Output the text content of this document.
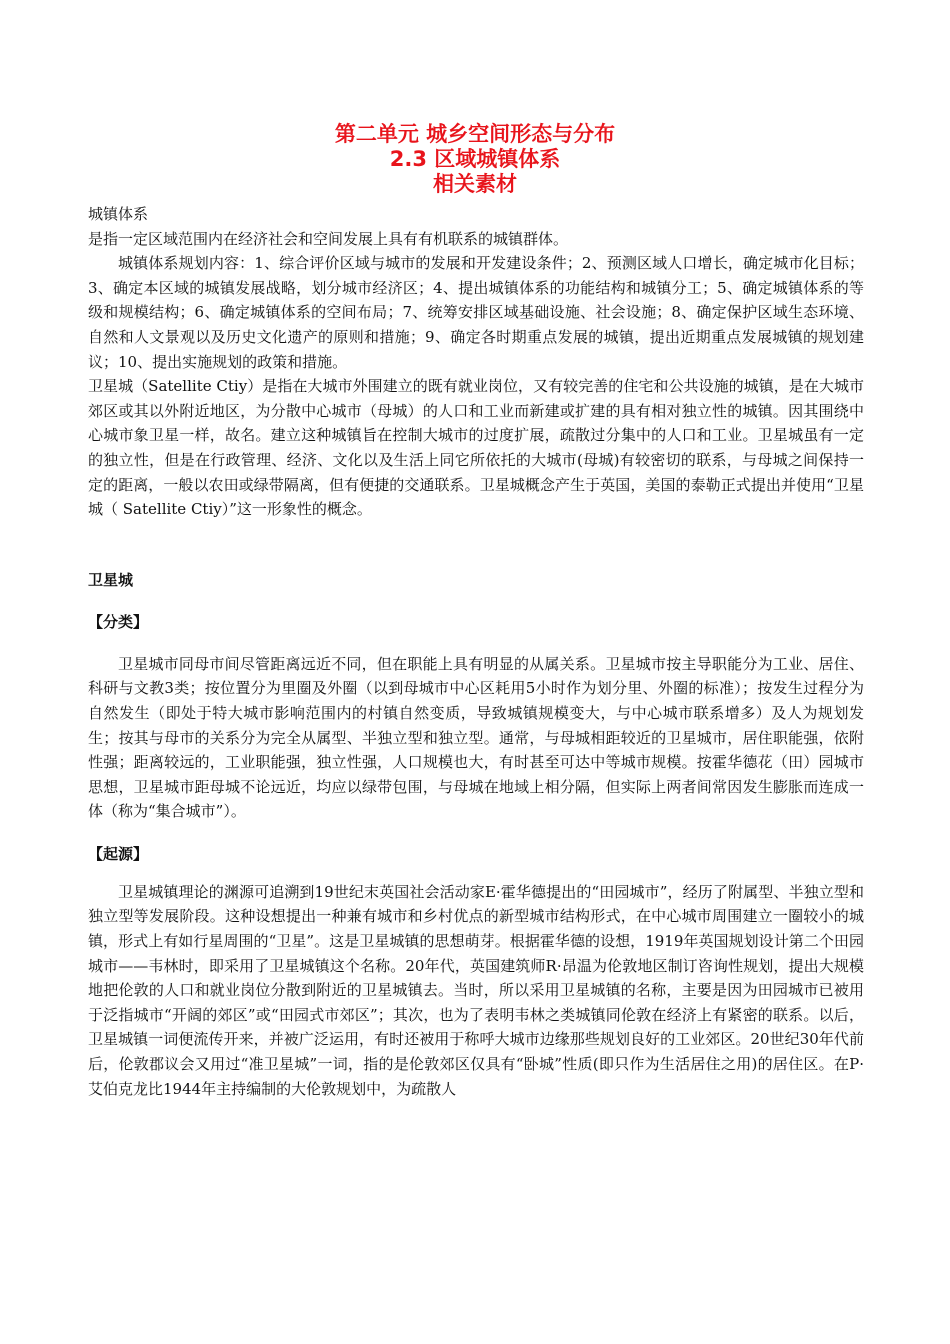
第二单元 城乡空间形态与分布
2.3 区域城镇体系
相关素材

城镇体系

是指一定区域范围内在经济社会和空间发展上具有有机联系的城镇群体。

城镇体系规划内容：1、综合评价区域与城市的发展和开发建设条件；2、预测区域人口增长，确定城市化目标；3、确定本区域的城镇发展战略，划分城市经济区；4、提出城镇体系的功能结构和城镇分工；5、确定城镇体系的等级和规模结构；6、确定城镇体系的空间布局；7、统筹安排区域基础设施、社会设施；8、确定保护区域生态环境、自然和人文景观以及历史文化遗产的原则和措施；9、确定各时期重点发展的城镇，提出近期重点发展城镇的规划建议；10、提出实施规划的政策和措施。

卫星城（Satellite Ctiy）是指在大城市外围建立的既有就业岗位，又有较完善的住宅和公共设施的城镇，是在大城市郊区或其以外附近地区，为分散中心城市（母城）的人口和工业而新建或扩建的具有相对独立性的城镇。因其围绕中心城市象卫星一样，故名。建立这种城镇旨在控制大城市的过度扩展，疏散过分集中的人口和工业。卫星城虽有一定的独立性，但是在行政管理、经济、文化以及生活上同它所依托的大城市(母城)有较密切的联系，与母城之间保持一定的距离，一般以农田或绿带隔离，但有便捷的交通联系。卫星城概念产生于英国，美国的泰勒正式提出并使用“卫星城（ Satellite Ctiy）”这一形象性的概念。

卫星城

【分类】

卫星城市同母市间尽管距离远近不同，但在职能上具有明显的从属关系。卫星城市按主导职能分为工业、居住、科研与文教3类；按位置分为里圈及外圈（以到母城市中心区耗用5小时作为划分里、外圈的标准）；按发生过程分为自然发生（即处于特大城市影响范围内的村镇自然变质，导致城镇规模变大，与中心城市联系增多）及人为规划发生；按其与母市的关系分为完全从属型、半独立型和独立型。通常，与母城相距较近的卫星城市，居住职能强，依附性强；距离较远的，工业职能强，独立性强，人口规模也大，有时甚至可达中等城市规模。按霍华德花（田）园城市思想，卫星城市距母城不论远近，均应以绿带包围，与母城在地域上相分隔，但实际上两者间常因发生膨胀而连成一体（称为“集合城市”）。

【起源】

卫星城镇理论的渊源可追溯到19世纪末英国社会活动家E·霍华德提出的“田园城市”，经历了附属型、半独立型和独立型等发展阶段。这种设想提出一种兼有城市和乡村优点的新型城市结构形式，在中心城市周围建立一圈较小的城镇，形式上有如行星周围的“卫星”。这是卫星城镇的思想萌芽。根据霍华德的设想，1919年英国规划设计第二个田园城市——韦林时，即采用了卫星城镇这个名称。20年代，英国建筑师R·昂温为伦敦地区制订咨询性规划，提出大规模地把伦敦的人口和就业岗位分散到附近的卫星城镇去。当时，所以采用卫星城镇的名称，主要是因为田园城市已被用于泛指城市“开阔的郊区”或“田园式市郊区”；其次，也为了表明韦林之类城镇同伦敦在经济上有紧密的联系。以后，卫星城镇一词便流传开来，并被广泛运用，有时还被用于称呼大城市边缘那些规划良好的工业郊区。20世纪30年代前后，伦敦郡议会又用过“准卫星城”一词，指的是伦敦郊区仅具有“卧城”性质(即只作为生活居住之用)的居住区。在P·艾伯克龙比1944年主持编制的大伦敦规划中，为疏散人
